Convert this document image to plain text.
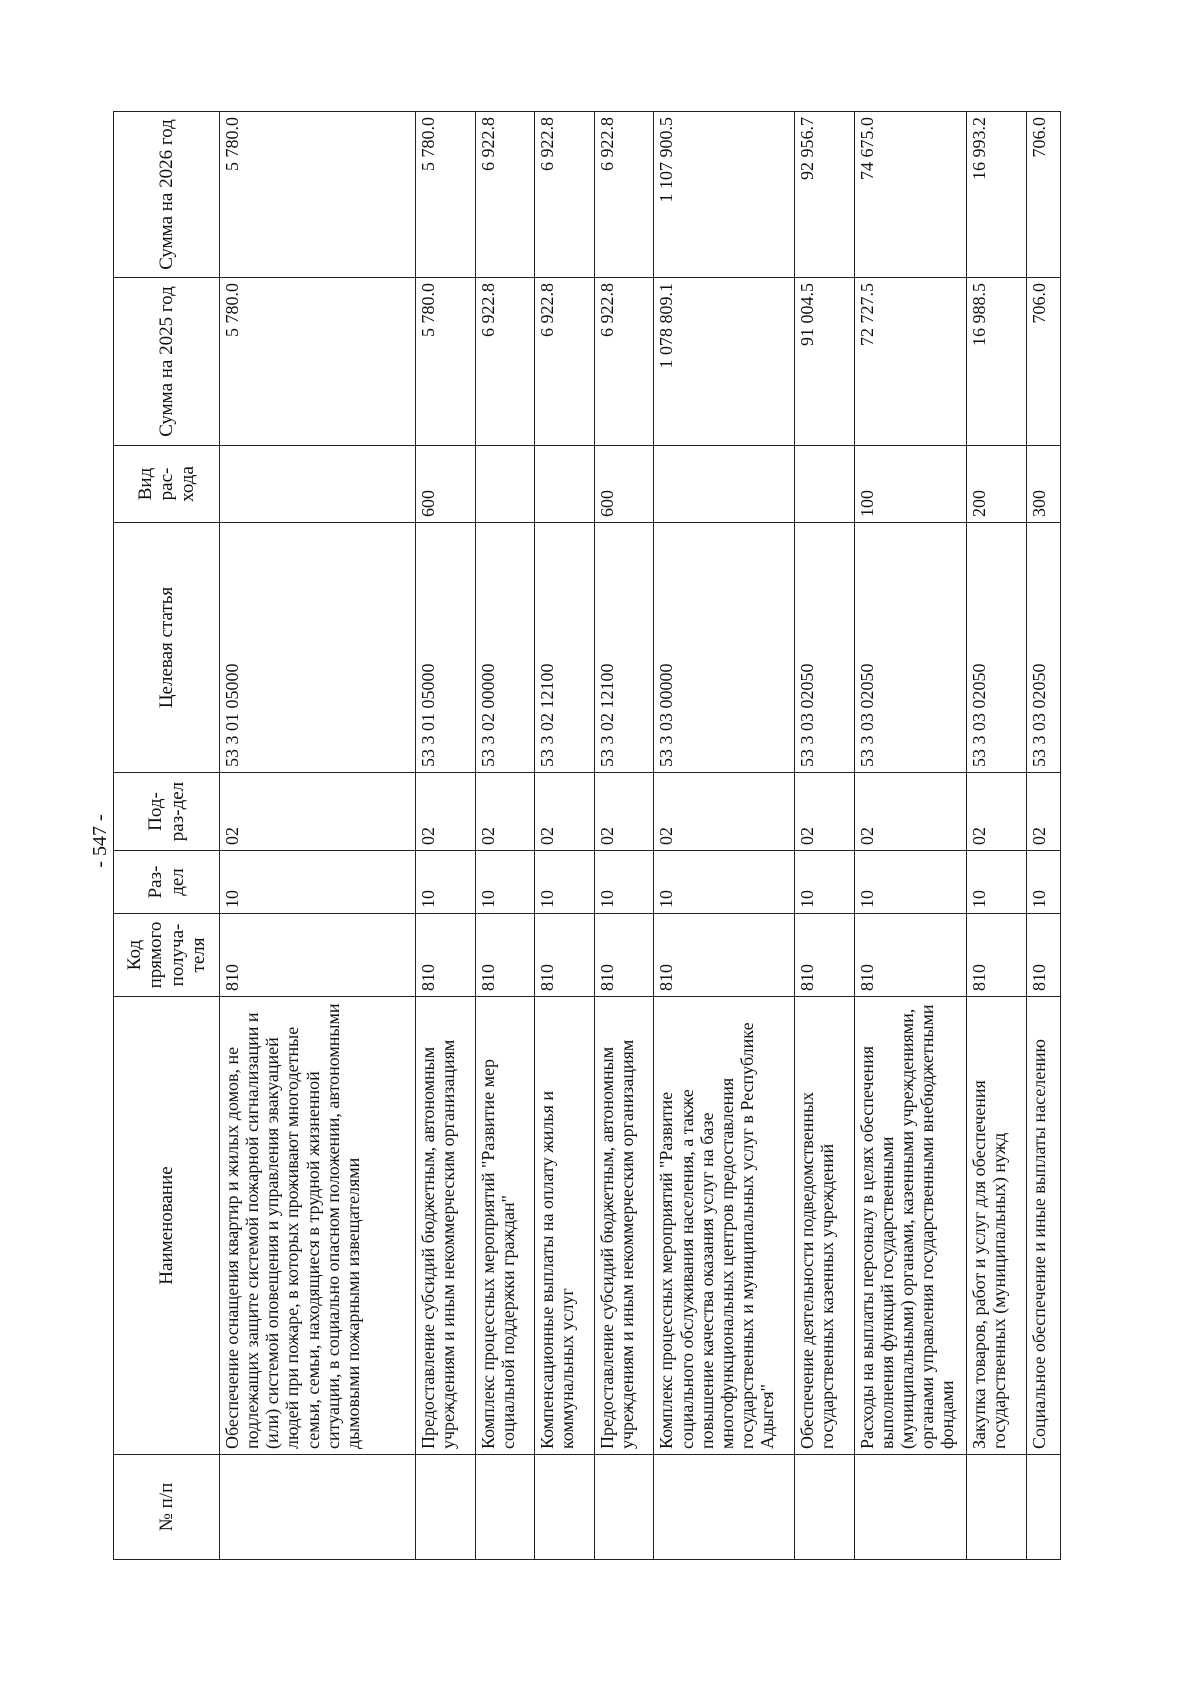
- 547 -
№ п/п	Наименование	Код прямого получа-теля	Раз-дел	Под-раз-дел	Целевая статья	Вид рас-хода	Сумма на 2025 год	Сумма на 2026 год
	Обеспечение оснащения квартир и жилых домов, не подлежащих защите системой пожарной сигнализации и (или) системой оповещения и управления эвакуацией людей при пожаре, в которых проживают многодетные семьи, семьи, находящиеся в трудной жизненной ситуации, в социально опасном положении, автономными дымовыми пожарными извещателями	810	10	02	53 3 01 05000		5 780.0	5 780.0
	Предоставление субсидий бюджетным, автономным учреждениям и иным некоммерческим организациям	810	10	02	53 3 01 05000	600	5 780.0	5 780.0
	Комплекс процессных мероприятий "Развитие мер социальной поддержки граждан"	810	10	02	53 3 02 00000		6 922.8	6 922.8
	Компенсационные выплаты на оплату жилья и коммунальных услуг	810	10	02	53 3 02 12100		6 922.8	6 922.8
	Предоставление субсидий бюджетным, автономным учреждениям и иным некоммерческим организациям	810	10	02	53 3 02 12100	600	6 922.8	6 922.8
	Комплекс процессных мероприятий "Развитие социального обслуживания населения, а также повышение качества оказания услуг на базе многофункциональных центров предоставления государственных и муниципальных услуг в Республике Адыгея"	810	10	02	53 3 03 00000		1 078 809.1	1 107 900.5
	Обеспечение деятельности подведомственных государственных казенных учреждений	810	10	02	53 3 03 02050		91 004.5	92 956.7
	Расходы на выплаты персоналу в целях обеспечения выполнения функций государственными (муниципальными) органами, казенными учреждениями, органами управления государственными внебюджетными фондами	810	10	02	53 3 03 02050	100	72 727.5	74 675.0
	Закупка товаров, работ и услуг для обеспечения государственных (муниципальных) нужд	810	10	02	53 3 03 02050	200	16 988.5	16 993.2
	Социальное обеспечение и иные выплаты населению	810	10	02	53 3 03 02050	300	706.0	706.0
